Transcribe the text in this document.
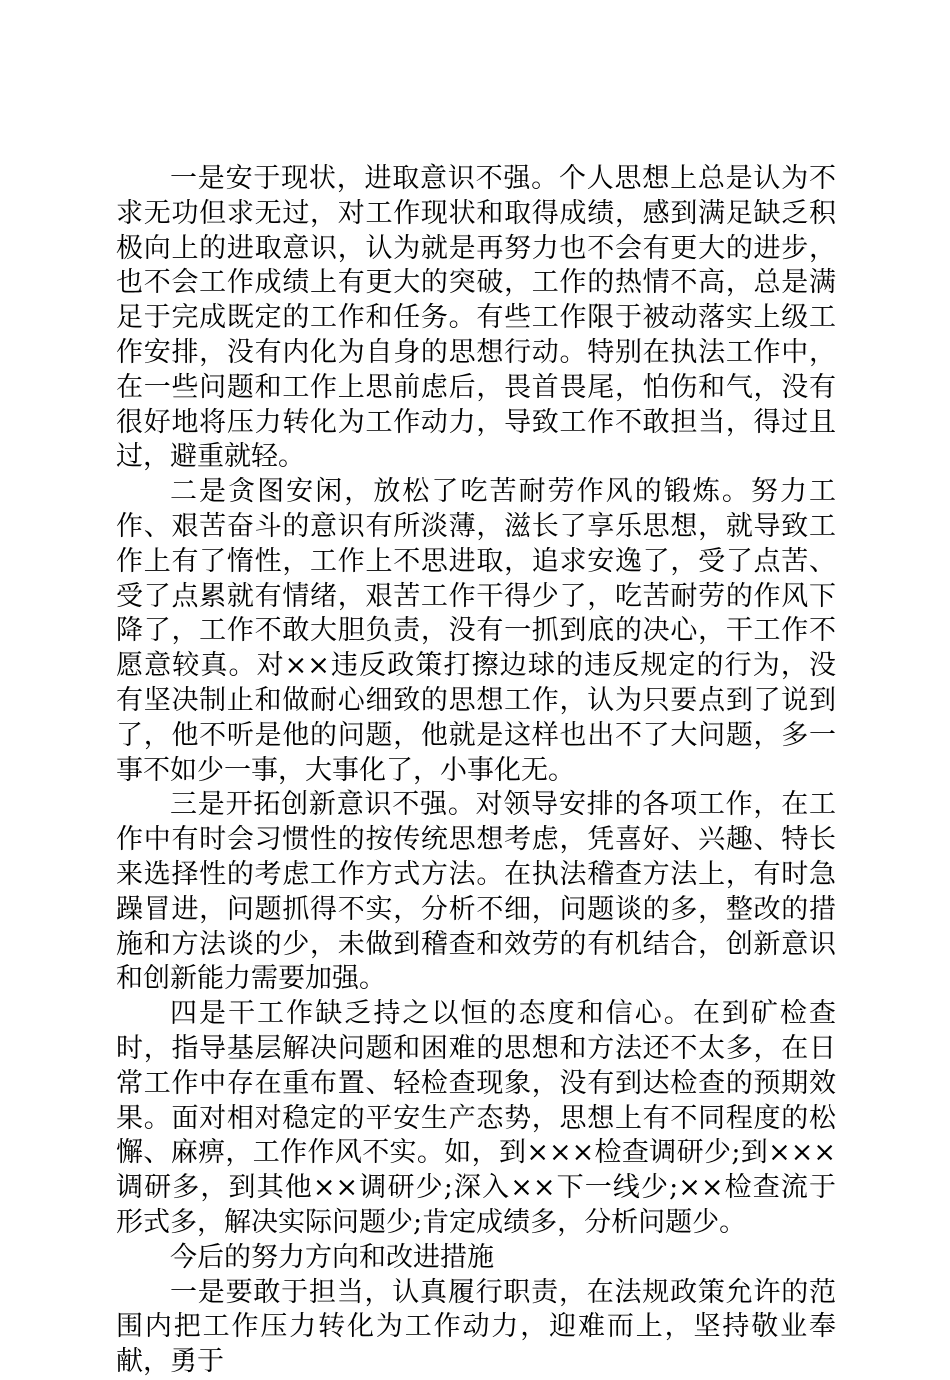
一是安于现状，进取意识不强。个人思想上总是认为不求无功但求无过，对工作现状和取得成绩，感到满足缺乏积极向上的进取意识，认为就是再努力也不会有更大的进步，也不会工作成绩上有更大的突破，工作的热情不高，总是满足于完成既定的工作和任务。有些工作限于被动落实上级工作安排，没有内化为自身的思想行动。特别在执法工作中，在一些问题和工作上思前虑后，畏首畏尾，怕伤和气，没有很好地将压力转化为工作动力，导致工作不敢担当，得过且过，避重就轻。

二是贪图安闲，放松了吃苦耐劳作风的锻炼。努力工作、艰苦奋斗的意识有所淡薄，滋长了享乐思想，就导致工作上有了惰性，工作上不思进取，追求安逸了，受了点苦、受了点累就有情绪，艰苦工作干得少了，吃苦耐劳的作风下降了，工作不敢大胆负责，没有一抓到底的决心，干工作不愿意较真。对××违反政策打擦边球的违反规定的行为，没有坚决制止和做耐心细致的思想工作，认为只要点到了说到了，他不听是他的问题，他就是这样也出不了大问题，多一事不如少一事，大事化了，小事化无。

三是开拓创新意识不强。对领导安排的各项工作，在工作中有时会习惯性的按传统思想考虑，凭喜好、兴趣、特长来选择性的考虑工作方式方法。在执法稽查方法上，有时急躁冒进，问题抓得不实，分析不细，问题谈的多，整改的措施和方法谈的少，未做到稽查和效劳的有机结合，创新意识和创新能力需要加强。

四是干工作缺乏持之以恒的态度和信心。在到矿检查时，指导基层解决问题和困难的思想和方法还不太多，在日常工作中存在重布置、轻检查现象，没有到达检查的预期效果。面对相对稳定的平安生产态势，思想上有不同程度的松懈、麻痹，工作作风不实。如，到×××检查调研少;到×××调研多，到其他××调研少;深入××下一线少;××检查流于形式多，解决实际问题少;肯定成绩多，分析问题少。

今后的努力方向和改进措施

一是要敢于担当，认真履行职责，在法规政策允许的范围内把工作压力转化为工作动力，迎难而上，坚持敬业奉献，勇于
